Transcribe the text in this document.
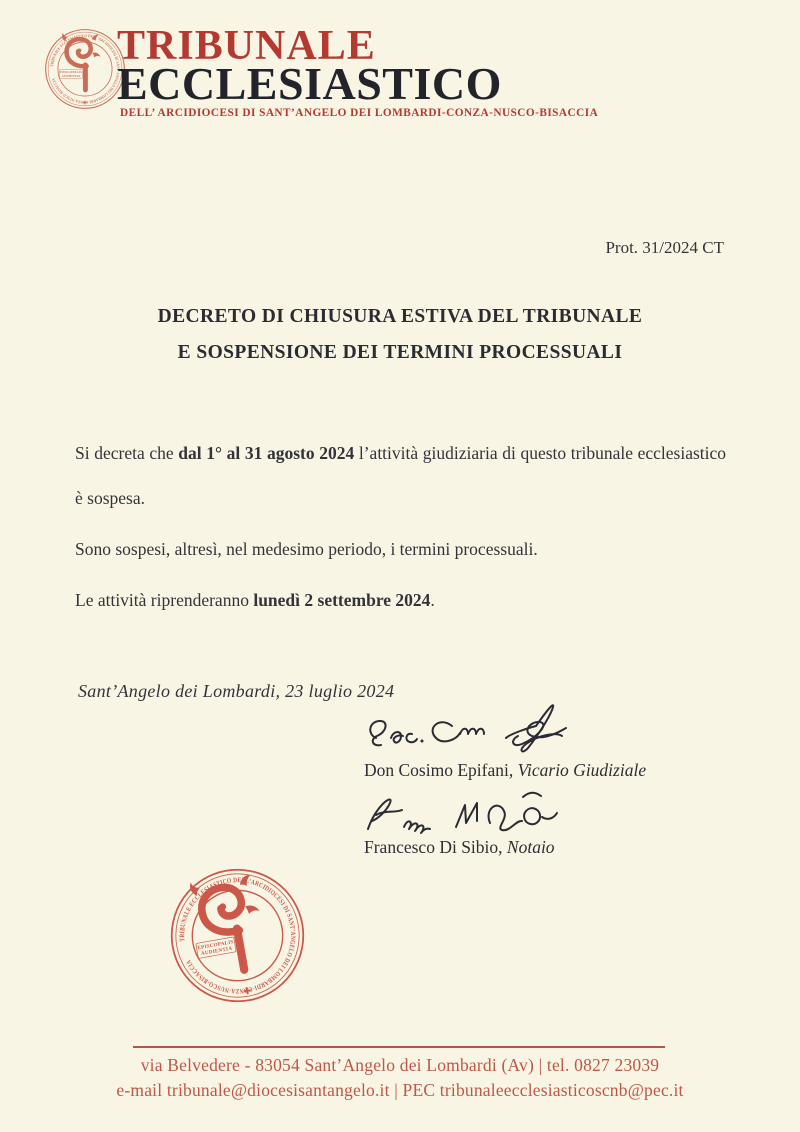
TRIBUNALE
ECCLESIASTICO
DELL’ ARCIDIOCESI DI SANT’ANGELO DEI LOMBARDI-CONZA-NUSCO-BISACCIA
Prot. 31/2024 CT
DECRETO DI CHIUSURA ESTIVA DEL TRIBUNALE
E SOSPENSIONE DEI TERMINI PROCESSUALI

Si decreta che dal 1° al 31 agosto 2024 l’attività giudiziaria di questo tribunale ecclesiastico è sospesa.

Sono sospesi, altresì, nel medesimo periodo, i termini processuali.

Le attività riprenderanno lunedì 2 settembre 2024.

Sant’Angelo dei Lombardi, 23 luglio 2024
Don Cosimo Epifani, Vicario Giudiziale
Francesco Di Sibio, Notaio
via Belvedere - 83054 Sant’Angelo dei Lombardi (Av) | tel. 0827 23039
e-mail tribunale@diocesisantangelo.it | PEC tribunaleecclesiasticoscnb@pec.it
